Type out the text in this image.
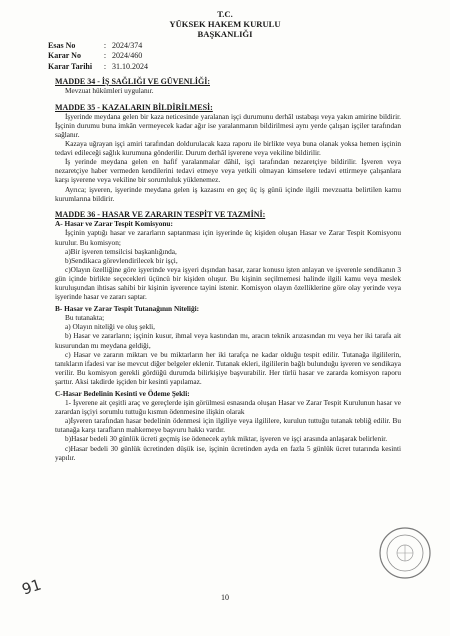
T.C.
YÜKSEK HAKEM KURULU
BAŞKANLIĞI
Esas No	: 2024/374
Karar No	: 2024/460
Karar Tarihi	: 31.10.2024

MADDE 34 - İŞ SAĞLIĞI VE GÜVENLİĞİ:

Mevzuat hükümleri uygulanır.

MADDE 35 - KAZALARIN BİLDİRİLMESİ:

İşyerinde meydana gelen bir kaza neticesinde yaralanan işçi durumunu derhâl ustabaşı veya yakın amirine bildirir. İşçinin durumu buna imkân vermeyecek kadar ağır ise yaralanmanın bildirilmesi aynı yerde çalışan işçiler tarafından sağlanır.

Kazaya uğrayan işçi amiri tarafından doldurulacak kaza raporu ile birlikte veya buna olanak yoksa hemen işçinin tedavi edileceği sağlık kurumuna gönderilir. Durum derhâl işverene veya vekiline bildirilir.

İş yerinde meydana gelen en hafif yaralanmalar dâhil, işçi tarafından nezaretçiye bildirilir. İşveren veya nezaretçiye haber vermeden kendilerini tedavi etmeye veya yetkili olmayan kimselere tedavi ettirmeye çalışanlara karşı işverene veya vekiline bir sorumluluk yüklenemez.

Ayrıca; işveren, işyerinde meydana gelen iş kazasını en geç üç iş günü içinde ilgili mevzuatta belirtilen kamu kurumlarına bildirir.

MADDE 36 - HASAR VE ZARARIN TESPİT VE TAZMİNİ:

A- Hasar ve Zarar Tespit Komisyonu:

İşçinin yaptığı hasar ve zararların saptanması için işyerinde üç kişiden oluşan Hasar ve Zarar Tespit Komisyonu kurulur. Bu komisyon;

a)Bir işveren temsilcisi başkanlığında,

b)Sendikaca görevlendirilecek bir işçi,

c)Olayın özelliğine göre işyerinde veya işyeri dışından hasar, zarar konusu işten anlayan ve işverenle sendikanın 3 gün içinde birlikte seçecekleri üçüncü bir kişiden oluşur. Bu kişinin seçilmemesi halinde ilgili kamu veya meslek kuruluşundan ihtisas sahibi bir kişinin işverence tayini istenir. Komisyon olayın özelliklerine göre olay yerinde veya işyerinde hasar ve zararı saptar.

B- Hasar ve Zarar Tespit Tutanağının Niteliği:

Bu tutanakta;

a) Olayın niteliği ve oluş şekli,

b) Hasar ve zararların; işçinin kusur, ihmal veya kastından mı, aracın teknik arızasından mı veya her iki tarafa ait kusurundan mı meydana geldiği,

c) Hasar ve zararın miktarı ve bu miktarların her iki tarafça ne kadar olduğu tespit edilir. Tutanağa ilgililerin, tanıkların ifadesi var ise mevcut diğer belgeler eklenir. Tutanak ekleri, ilgililerin bağlı bulunduğu işveren ve sendikaya verilir. Bu komisyon gerekli gördüğü durumda bilirkişiye başvurabilir. Her türlü hasar ve zararda komisyon raporu şarttır. Aksi takdirde işçiden bir kesinti yapılamaz.

C-Hasar Bedelinin Kesinti ve Ödeme Şekli:

1- İşverene ait çeşitli araç ve gereçlerde işin görülmesi esnasında oluşan Hasar ve Zarar Tespit Kurulunun hasar ve zarardan işçiyi sorumlu tuttuğu kısmın ödenmesine ilişkin olarak

a)İşveren tarafından hasar bedelinin ödenmesi için ilgiliye veya ilgililere, kurulun tuttuğu tutanak tebliğ edilir. Bu tutanağa karşı tarafların mahkemeye başvuru hakkı vardır.

b)Hasar bedeli 30 günlük ücreti geçmiş ise ödenecek aylık miktar, işveren ve işçi arasında anlaşarak belirlenir.

c)Hasar bedeli 30 günlük ücretinden düşük ise, işçinin ücretinden ayda en fazla 5 günlük ücret tutarında kesinti yapılır.

91	10
